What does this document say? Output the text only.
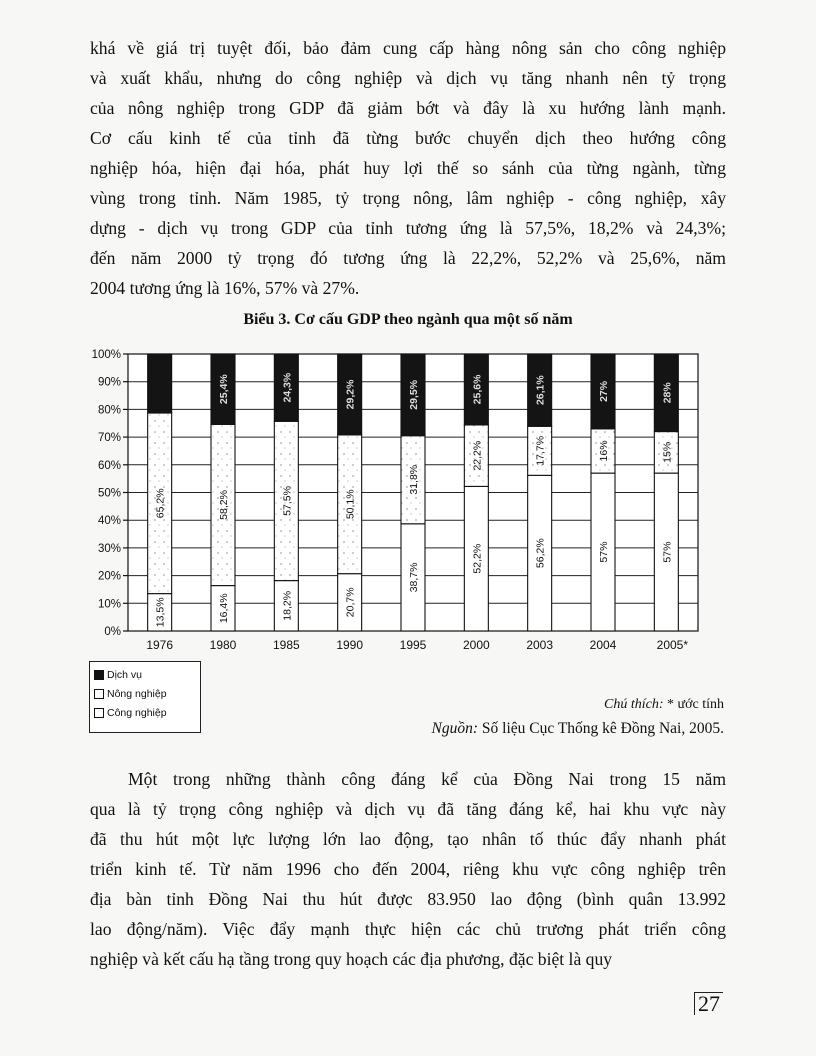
khá về giá trị tuyệt đối, bảo đảm cung cấp hàng nông sản cho công nghiệp
và xuất khẩu, nhưng do công nghiệp và dịch vụ tăng nhanh nên tỷ trọng
của nông nghiệp trong GDP đã giảm bớt và đây là xu hướng lành mạnh.
Cơ cấu kinh tế của tỉnh đã từng bước chuyển dịch theo hướng công
nghiệp hóa, hiện đại hóa, phát huy lợi thế so sánh của từng ngành, từng
vùng trong tỉnh. Năm 1985, tỷ trọng nông, lâm nghiệp - công nghiệp, xây
dựng - dịch vụ trong GDP của tỉnh tương ứng là 57,5%, 18,2% và 24,3%;
đến năm 2000 tỷ trọng đó tương ứng là 22,2%, 52,2% và 25,6%, năm
2004 tương ứng là 16%, 57% và 27%.
Biểu 3. Cơ cấu GDP theo ngành qua một số năm
0%
10%
20%
30%
40%
50%
60%
70%
80%
90%
100%
13,5%
65,2%
1976
16,4%
58,2%
25,4%
1980
18,2%
57,5%
24,3%
1985
20,7%
50,1%
29,2%
1990
38,7%
31,8%
29,5%
1995
52,2%
22,2%
25,6%
2000
56,2%
17,7%
26,1%
2003
57%
16%
27%
2004
57%
15%
28%
2005*
Dịch vụ
Nông nghiệp
Công nghiệp
Chú thích: * ước tính
Nguồn: Số liệu Cục Thống kê Đồng Nai, 2005.
Một trong những thành công đáng kể của Đồng Nai trong 15 năm
qua là tỷ trọng công nghiệp và dịch vụ đã tăng đáng kể, hai khu vực này
đã thu hút một lực lượng lớn lao động, tạo nhân tố thúc đẩy nhanh phát
triển kinh tế. Từ năm 1996 cho đến 2004, riêng khu vực công nghiệp trên
địa bàn tỉnh Đồng Nai thu hút được 83.950 lao động (bình quân 13.992
lao động/năm). Việc đẩy mạnh thực hiện các chủ trương phát triển công
nghiệp và kết cấu hạ tầng trong quy hoạch các địa phương, đặc biệt là quy
27
